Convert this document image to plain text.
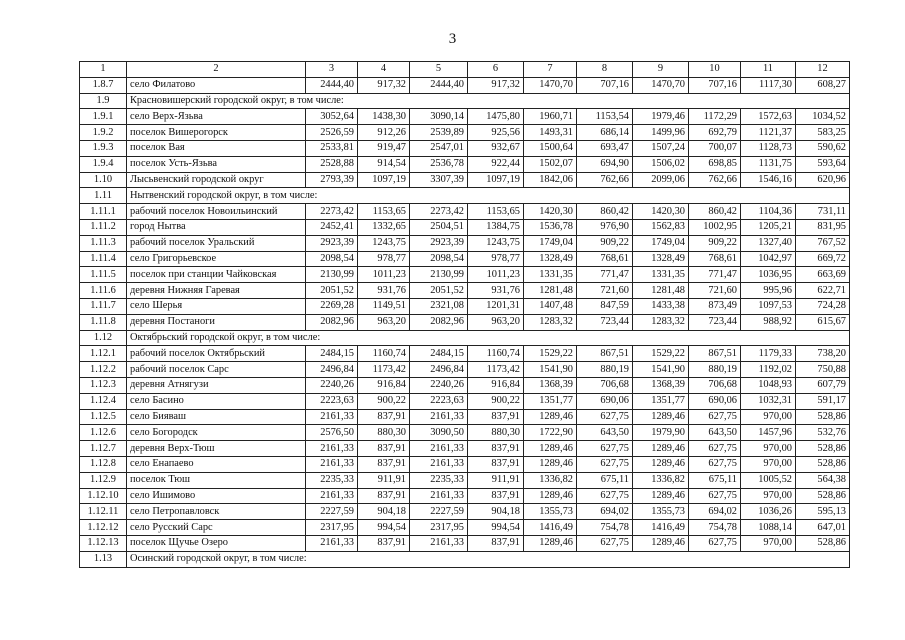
3
1	2	3	4	5	6	7	8	9	10	11	12
1.8.7	село Филатово	2444,40	917,32	2444,40	917,32	1470,70	707,16	1470,70	707,16	1117,30	608,27
1.9	Красновишерский городской округ, в том числе:										
1.9.1	село Верх-Язьва	3052,64	1438,30	3090,14	1475,80	1960,71	1153,54	1979,46	1172,29	1572,63	1034,52
1.9.2	поселок Вишерогорск	2526,59	912,26	2539,89	925,56	1493,31	686,14	1499,96	692,79	1121,37	583,25
1.9.3	поселок Вая	2533,81	919,47	2547,01	932,67	1500,64	693,47	1507,24	700,07	1128,73	590,62
1.9.4	поселок Усть-Язьва	2528,88	914,54	2536,78	922,44	1502,07	694,90	1506,02	698,85	1131,75	593,64
1.10	Лысьвенский городской округ	2793,39	1097,19	3307,39	1097,19	1842,06	762,66	2099,06	762,66	1546,16	620,96
1.11	Нытвенский городской округ, в том числе:										
1.11.1	рабочий поселок Новоильинский	2273,42	1153,65	2273,42	1153,65	1420,30	860,42	1420,30	860,42	1104,36	731,11
1.11.2	город Нытва	2452,41	1332,65	2504,51	1384,75	1536,78	976,90	1562,83	1002,95	1205,21	831,95
1.11.3	рабочий поселок Уральский	2923,39	1243,75	2923,39	1243,75	1749,04	909,22	1749,04	909,22	1327,40	767,52
1.11.4	село Григорьевское	2098,54	978,77	2098,54	978,77	1328,49	768,61	1328,49	768,61	1042,97	669,72
1.11.5	поселок при станции Чайковская	2130,99	1011,23	2130,99	1011,23	1331,35	771,47	1331,35	771,47	1036,95	663,69
1.11.6	деревня Нижняя Гаревая	2051,52	931,76	2051,52	931,76	1281,48	721,60	1281,48	721,60	995,96	622,71
1.11.7	село Шерья	2269,28	1149,51	2321,08	1201,31	1407,48	847,59	1433,38	873,49	1097,53	724,28
1.11.8	деревня Постаноги	2082,96	963,20	2082,96	963,20	1283,32	723,44	1283,32	723,44	988,92	615,67
1.12	Октябрьский городской округ, в том числе:										
1.12.1	рабочий поселок Октябрьский	2484,15	1160,74	2484,15	1160,74	1529,22	867,51	1529,22	867,51	1179,33	738,20
1.12.2	рабочий поселок Сарс	2496,84	1173,42	2496,84	1173,42	1541,90	880,19	1541,90	880,19	1192,02	750,88
1.12.3	деревня Атнягузи	2240,26	916,84	2240,26	916,84	1368,39	706,68	1368,39	706,68	1048,93	607,79
1.12.4	село Басино	2223,63	900,22	2223,63	900,22	1351,77	690,06	1351,77	690,06	1032,31	591,17
1.12.5	село Бияваш	2161,33	837,91	2161,33	837,91	1289,46	627,75	1289,46	627,75	970,00	528,86
1.12.6	село Богородск	2576,50	880,30	3090,50	880,30	1722,90	643,50	1979,90	643,50	1457,96	532,76
1.12.7	деревня Верх-Тюш	2161,33	837,91	2161,33	837,91	1289,46	627,75	1289,46	627,75	970,00	528,86
1.12.8	село Енапаево	2161,33	837,91	2161,33	837,91	1289,46	627,75	1289,46	627,75	970,00	528,86
1.12.9	поселок Тюш	2235,33	911,91	2235,33	911,91	1336,82	675,11	1336,82	675,11	1005,52	564,38
1.12.10	село Ишимово	2161,33	837,91	2161,33	837,91	1289,46	627,75	1289,46	627,75	970,00	528,86
1.12.11	село Петропавловск	2227,59	904,18	2227,59	904,18	1355,73	694,02	1355,73	694,02	1036,26	595,13
1.12.12	село Русский Сарс	2317,95	994,54	2317,95	994,54	1416,49	754,78	1416,49	754,78	1088,14	647,01
1.12.13	поселок Щучье Озеро	2161,33	837,91	2161,33	837,91	1289,46	627,75	1289,46	627,75	970,00	528,86
1.13	Осинский городской округ, в том числе:										
